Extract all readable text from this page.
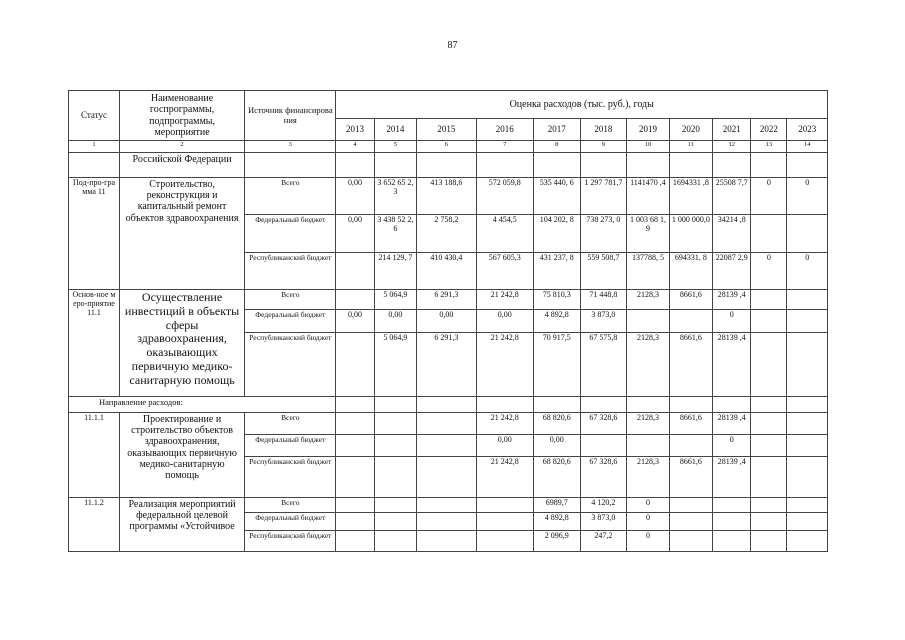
87
Статус	Наименование госпрограммы, подпрограммы, мероприятие	Источник финансирования	Оценка расходов (тыс. руб.), годы										
			2013	2014	2015	2016	2017	2018	2019	2020	2021	2022	2023
1	2	3	4	5	6	7	8	9	10	11	12	13	14
	Российской Федерации												
Под-про-грамма 11	Строительство, реконструкция и капитальный ремонт объектов здравоохранения	Всего	0,00	3 652 65 2,3	413 188,6	572 059,8	535 440, 6	1 297 781,7	1141470 ,4	1694331 ,8	25508 7,7	0	0
		Федеральный бюджет	0,00	3 438 52 2,6	2 758,2	4 454,5	104 202, 8	738 273, 0	1 003 68 1,9	1 000 000,0	34214 ,8		
		Республиканский бюджет		214 129, 7	410 430,4	567 605,3	431 237, 8	559 508,7	137788, 5	694331, 8	22087 2,9	0	0
Основ-ное меро-приятие 11.1	Осуществление инвестиций в объекты сферы здравоохранения, оказывающих первичную медико-санитарную помощь	Всего		5 064,9	6 291,3	21 242,8	75 810,3	71 448,8	2128,3	8661,6	28139 ,4		
		Федеральный бюджет	0,00	0,00	0,00	0,00	4 892,8	3 873,0			0		
		Республиканский бюджет		5 064,9	6 291,3	21 242,8	70 917,5	67 575,8	2128,3	8661,6	28139 ,4		
Направление расходов:													
11.1.1	Проектирование и строительство объектов здравоохранения, оказывающих первичную медико-санитарную помощь	Всего				21 242,8	68 820,6	67 328,6	2128,3	8661,6	28139 ,4		
		Федеральный бюджет				0,00	0,00				0		
		Республиканский бюджет				21 242,8	68 820,6	67 328,6	2128,3	8661,6	28139 ,4		
11.1.2	Реализация мероприятий федеральной целевой программы «Устойчивое	Всего					6989,7	4 120,2	0				
		Федеральный бюджет					4 892,8	3 873,0	0				
		Республиканский бюджет					2 096,9	247,2	0				
